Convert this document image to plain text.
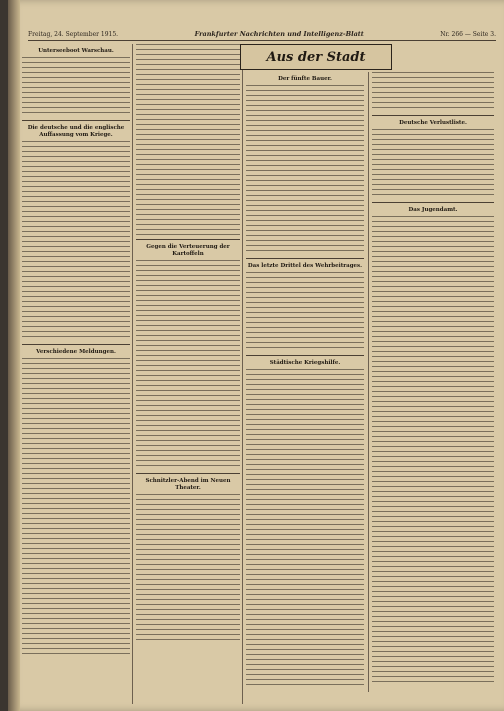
Freitag, 24. September 1915.	Frankfurter Nachrichten und Intelligenz-Blatt	Nr. 266 — Seite 3.
Unterseeboot Warschau.
Die deutsche und die englische Auffassung vom Kriege.
Verschiedene Meldungen.
Gegen die Verteuerung der Kartoffeln
Schnitzler-Abend im Neuen Theater.
Aus der Stadt
Der fünfte Bauer.
Das letzte Drittel des Wehrbeitrages.
Städtische Kriegshilfe.
Deutsche Verlustliste.
Das Jugendamt.
